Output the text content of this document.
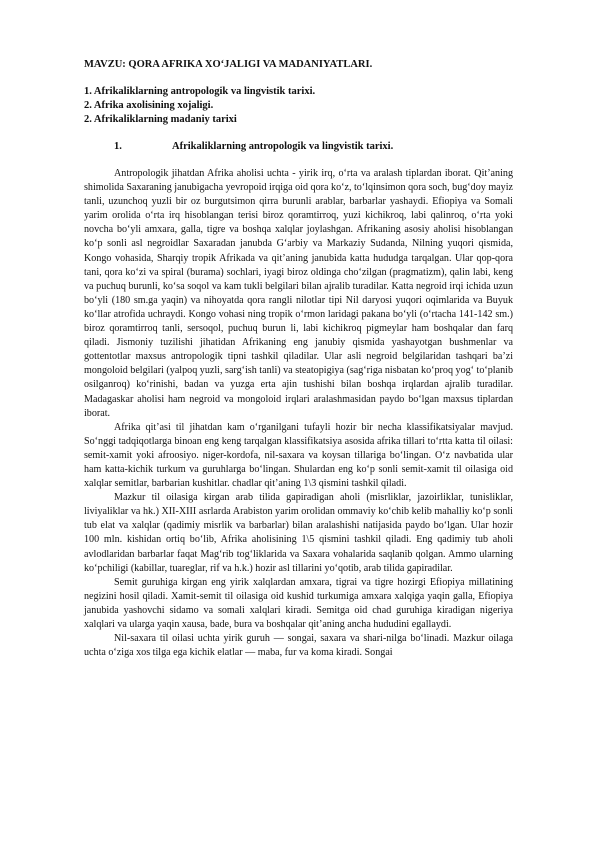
MAVZU: QORA AFRIKA XOʻJALIGI VA MADANIYATLARI.
1. Afrikaliklarning antropologik va lingvistik tarixi.
2. Afrika axolisining xojaligi.
2. Afrikaliklarning madaniy tarixi
1.	Afrikaliklarning antropologik va lingvistik tarixi.

Antropologik jihatdan Afrika aholisi uchta - yirik irq, oʻrta va aralash tiplardan iborat. Qit’aning shimolida Saxaraning janubigacha yevropoid irqiga oid qora koʻz, toʻlqinsimon qora soch, bugʻdoy mayiz tanli, uzunchoq yuzli bir oz burgutsimon qirra burunli arablar, barbarlar yashaydi. Efiopiya va Somali yarim orolida oʻrta irq hisoblangan terisi biroz qoramtirroq, yuzi kichikroq, labi qalinroq, oʻrta yoki novcha boʻyli amxara, galla, tigre va boshqa xalqlar joylashgan. Afrikaning asosiy aholisi hisoblangan koʻp sonli asl negroidlar Saxaradan janubda Gʻarbiy va Markaziy Sudanda, Nilning yuqori qismida, Kongo vohasida, Sharqiy tropik Afrikada va qit’aning janubida katta hududga tarqalgan. Ular qop-qora tani, qora koʻzi va spiral (burama) sochlari, iyagi biroz oldinga choʻzilgan (pragmatizm), qalin labi, keng va puchuq burunli, koʻsa soqol va kam tukli belgilari bilan ajralib turadilar. Katta negroid irqi ichida uzun boʻyli (180 sm.ga yaqin) va nihoyatda qora rangli nilotlar tipi Nil daryosi yuqori oqimlarida va Buyuk koʻllar atrofida uchraydi. Kongo vohasi ning tropik oʻrmon laridagi pakana boʻyli (oʻrtacha 141-142 sm.) biroz qoramtirroq tanli, sersoqol, puchuq burun li, labi kichikroq pigmeylar ham boshqalar dan farq qiladi. Jismoniy tuzilishi jihatidan Afrikaning eng janubiy qismida yashayotgan bushmenlar va gottentotlar maxsus antropologik tipni tashkil qiladilar. Ular asli negroid belgilaridan tashqari ba’zi mongoloid belgilari (yalpoq yuzli, sargʻish tanli) va steatopigiya (sagʻriga nisbatan koʻproq yogʻ toʻplanib osilganroq) koʻrinishi, badan va yuzga erta ajin tushishi bilan boshqa irqlardan ajralib turadilar. Madagaskar aholisi ham negroid va mongoloid irqlari aralashmasidan paydo boʻlgan maxsus tiplardan iborat.

Afrika qit’asi til jihatdan kam oʻrganilgani tufayli hozir bir necha klassifikatsiyalar mavjud. Soʻnggi tadqiqotlarga binoan eng keng tarqalgan klassifikatsiya asosida afrika tillari toʻrtta katta til oilasi: semit-xamit yoki afroosiyo. niger-kordofa, nil-saxara va koysan tillariga boʻlingan. Oʻz navbatida ular ham katta-kichik turkum va guruhlarga boʻlingan. Shulardan eng koʻp sonli semit-xamit til oilasiga oid xalqlar semitlar, barbarian kushitlar. chadlar qit’aning 1\3 qismini tashkil qiladi.

Mazkur til oilasiga kirgan arab tilida gapiradigan aholi (misrliklar, jazoirliklar, tunisliklar, liviyaliklar va hk.) XII-XIII asrlarda Arabiston yarim orolidan ommaviy koʻchib kelib mahalliy koʻp sonli tub elat va xalqlar (qadimiy misrlik va barbarlar) bilan aralashishi natijasida paydo boʻlgan. Ular hozir 100 mln. kishidan ortiq boʻlib, Afrika aholisining 1\5 qismini tashkil qiladi. Eng qadimiy tub aholi avlodlaridan barbarlar faqat Magʻrib togʻliklarida va Saxara vohalarida saqlanib qolgan. Ammo ularning koʻpchiligi (kabillar, tuareglar, rif va h.k.) hozir asl tillarini yoʻqotib, arab tilida gapiradilar.

Semit guruhiga kirgan eng yirik xalqlardan amxara, tigrai va tigre hozirgi Efiopiya millatining negizini hosil qiladi. Xamit-semit til oilasiga oid kushid turkumiga amxara xalqiga yaqin galla, Efiopiya janubida yashovchi sidamo va somali xalqlari kiradi. Semitga oid chad guruhiga kiradigan nigeriya xalqlari va ularga yaqin xausa, bade, bura va boshqalar qit’aning ancha hududini egallaydi.

Nil-saxara til oilasi uchta yirik guruh — songai, saxara va shari-nilga boʻlinadi. Mazkur oilaga uchta oʻziga xos tilga ega kichik elatlar — maba, fur va koma kiradi. Songai
